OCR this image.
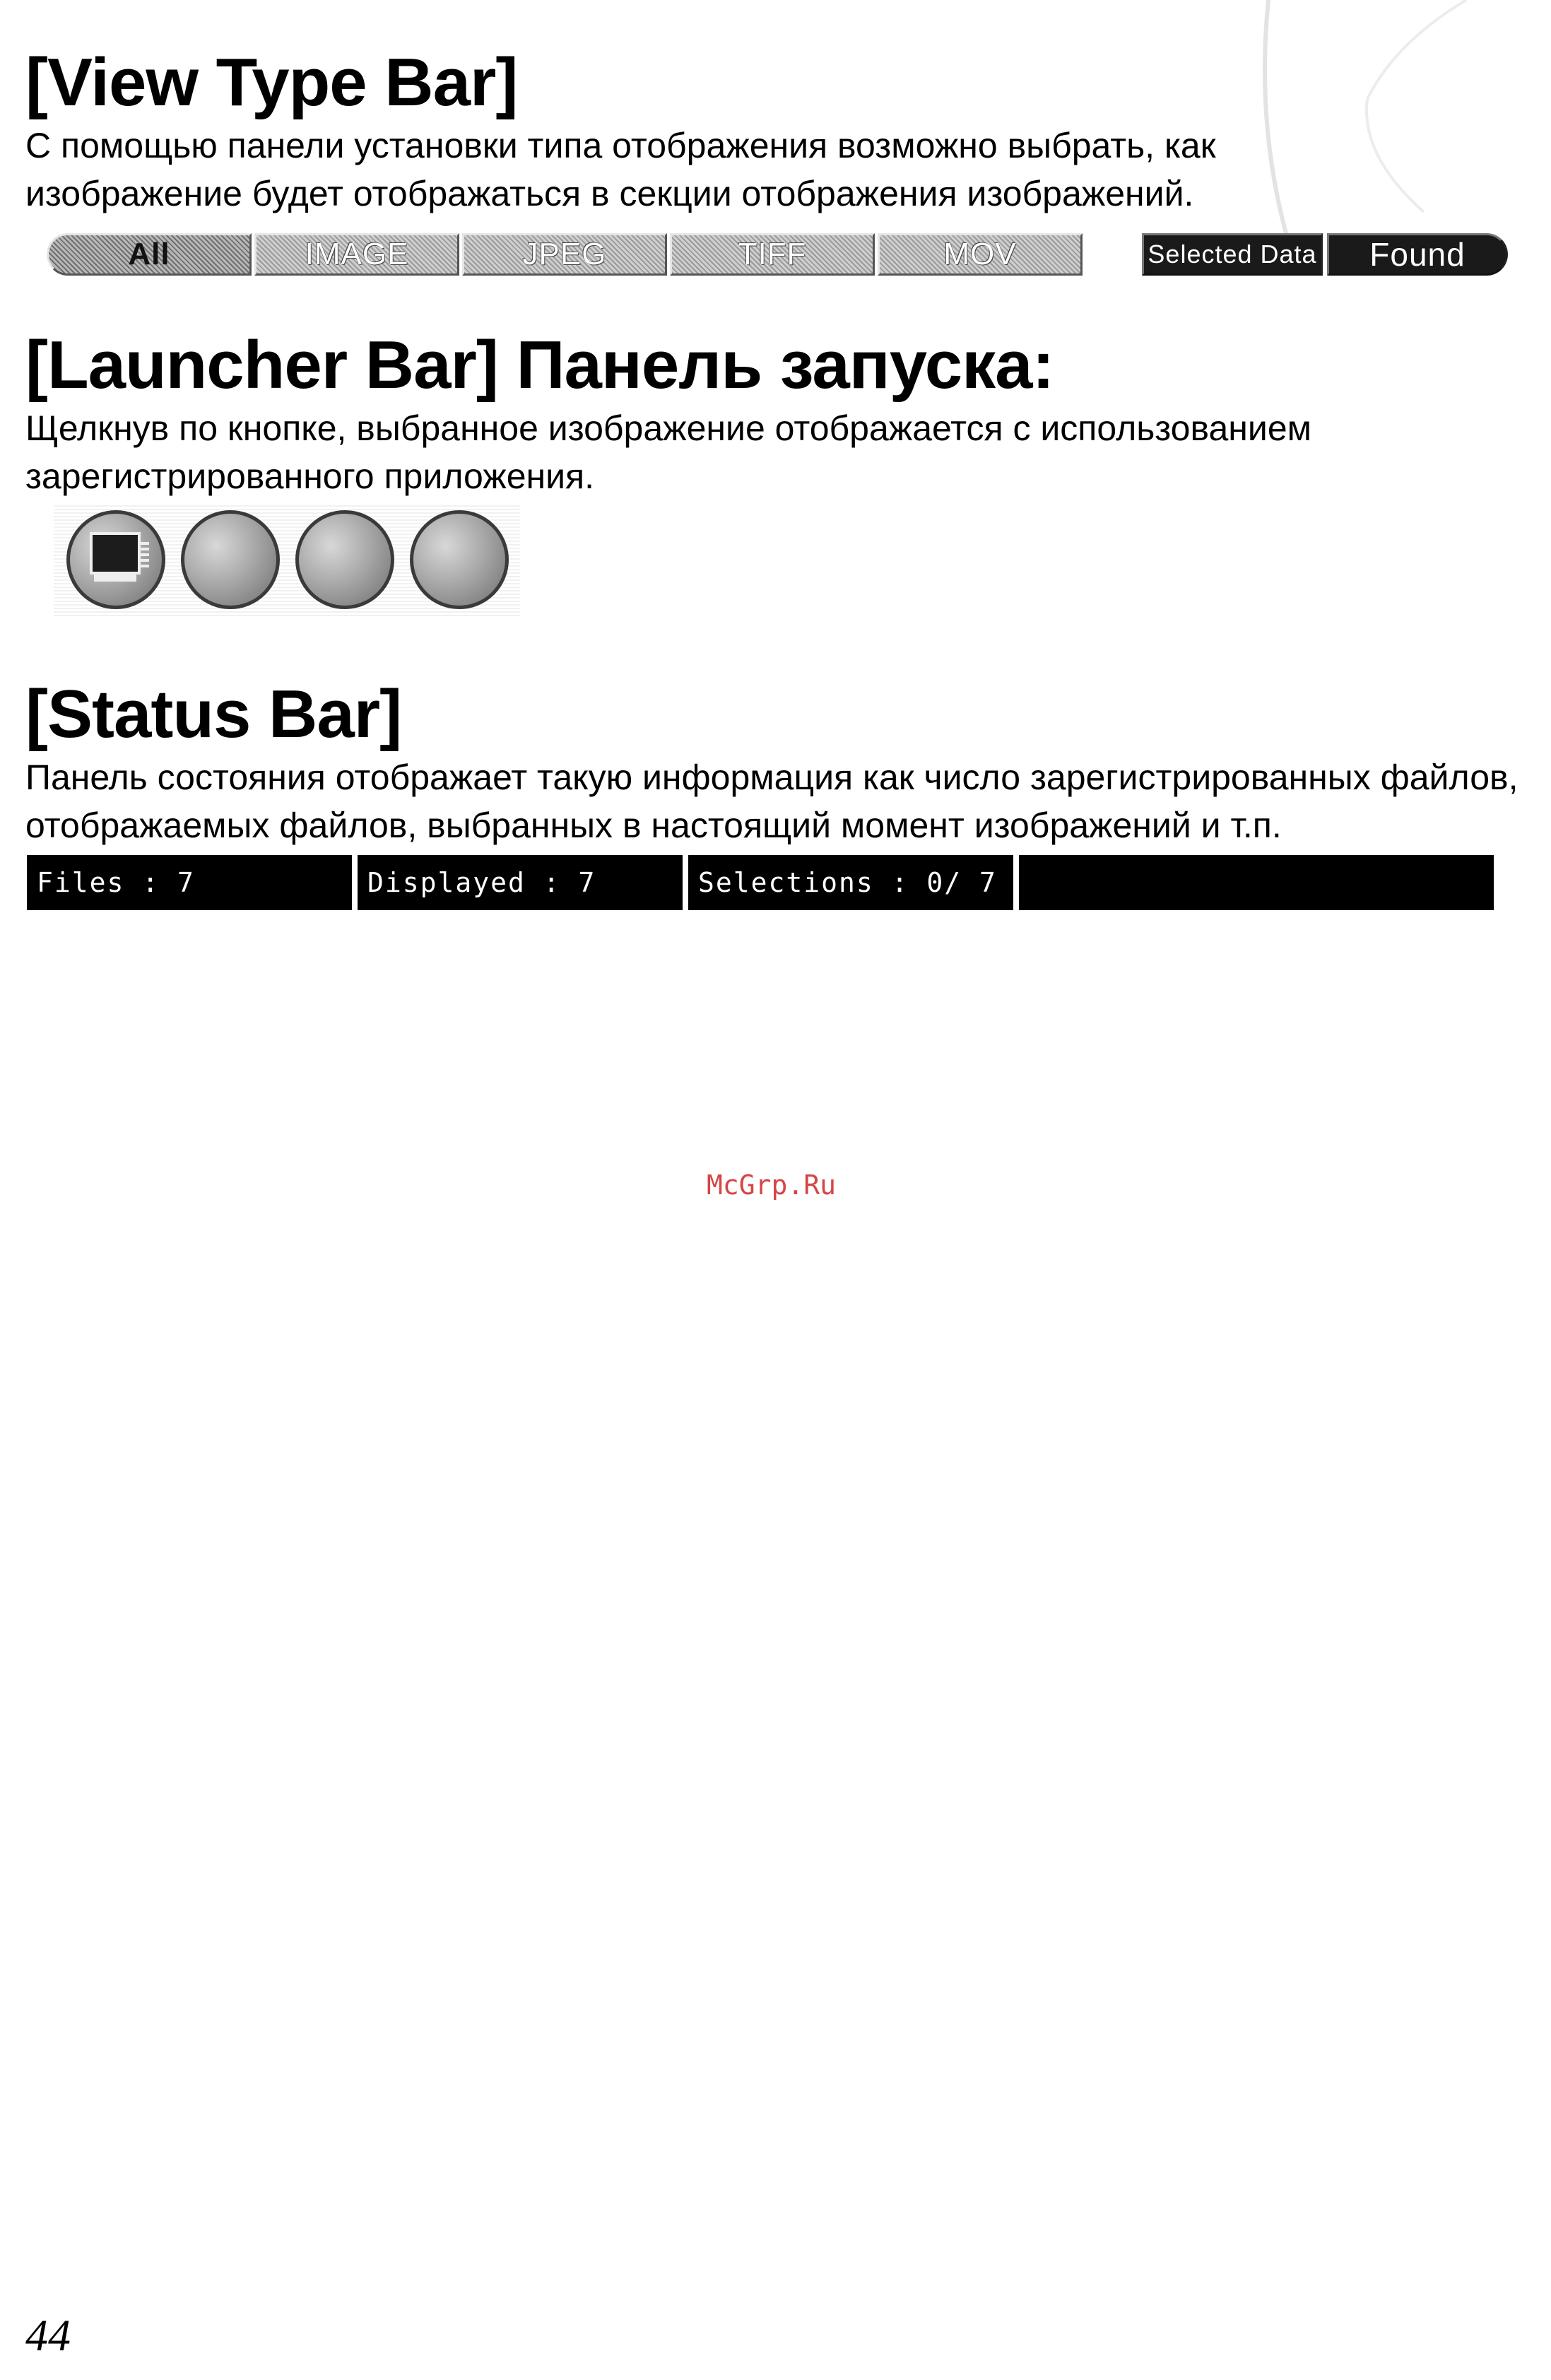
[View Type Bar]

С помощью панели установки типа отображения возможно выбрать, как изображение будет отображаться в секции отображения изображений.

All	IMAGE	JPEG	TIFF	MOV	Selected Data	Found
[Launcher Bar] Панель запуска:

Щелкнув по кнопке, выбранное изображение отображается с использованием зарегистрированного приложения.

[Status Bar]

Панель состояния отображает такую информация как число зарегистрированных файлов, отображаемых файлов, выбранных в настоящий момент изображений и т.п.

Files : 7	Displayed : 7	Selections : 0/ 7
McGrp.Ru
44
